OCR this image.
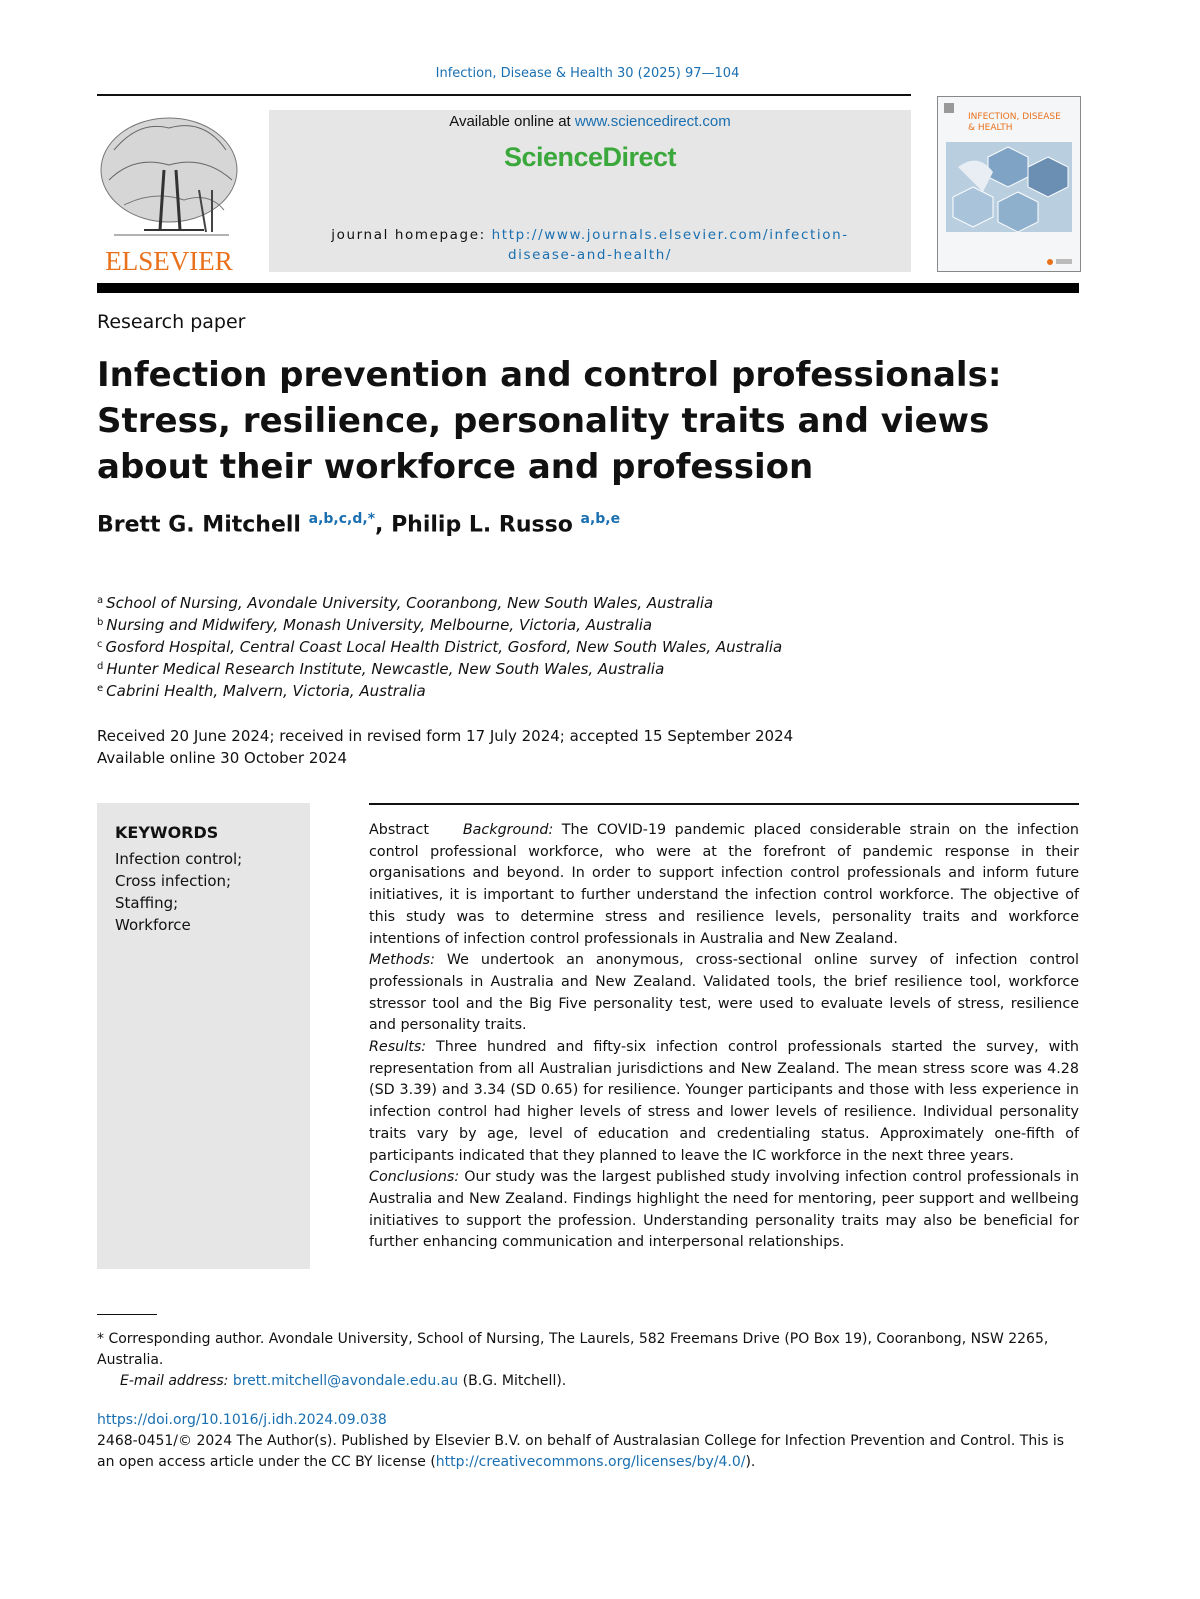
Infection, Disease & Health 30 (2025) 97—104
ELSEVIER
Available online at www.sciencedirect.com
ScienceDirect
journal homepage: http://www.journals.elsevier.com/infection-
disease-and-health/
INFECTION, DISEASE
& HEALTH
Research paper
Infection prevention and control professionals: Stress, resilience, personality traits and views about their workforce and profession
Brett G. Mitchell $^{a,b,c,d,*}$, Philip L. Russo $^{a,b,e}$
$^a$ School of Nursing, Avondale University, Cooranbong, New South Wales, Australia
$^b$ Nursing and Midwifery, Monash University, Melbourne, Victoria, Australia
$^c$ Gosford Hospital, Central Coast Local Health District, Gosford, New South Wales, Australia
$^d$ Hunter Medical Research Institute, Newcastle, New South Wales, Australia
$^e$ Cabrini Health, Malvern, Victoria, Australia
Received 20 June 2024; received in revised form 17 July 2024; accepted 15 September 2024
Available online 30 October 2024
KEYWORDS
Infection control;
Cross infection;
Staffing;
Workforce

Abstract Background: The COVID-19 pandemic placed considerable strain on the infection control professional workforce, who were at the forefront of pandemic response in their organisations and beyond. In order to support infection control professionals and inform future initiatives, it is important to further understand the infection control workforce. The objective of this study was to determine stress and resilience levels, personality traits and workforce intentions of infection control professionals in Australia and New Zealand.

Methods: We undertook an anonymous, cross-sectional online survey of infection control professionals in Australia and New Zealand. Validated tools, the brief resilience tool, workforce stressor tool and the Big Five personality test, were used to evaluate levels of stress, resilience and personality traits.

Results: Three hundred and fifty-six infection control professionals started the survey, with representation from all Australian jurisdictions and New Zealand. The mean stress score was 4.28 (SD 3.39) and 3.34 (SD 0.65) for resilience. Younger participants and those with less experience in infection control had higher levels of stress and lower levels of resilience. Individual personality traits vary by age, level of education and credentialing status. Approximately one-fifth of participants indicated that they planned to leave the IC workforce in the next three years.

Conclusions: Our study was the largest published study involving infection control professionals in Australia and New Zealand. Findings highlight the need for mentoring, peer support and wellbeing initiatives to support the profession. Understanding personality traits may also be beneficial for further enhancing communication and interpersonal relationships.

* Corresponding author. Avondale University, School of Nursing, The Laurels, 582 Freemans Drive (PO Box 19), Cooranbong, NSW 2265, Australia.

E-mail address: brett.mitchell@avondale.edu.au (B.G. Mitchell).

https://doi.org/10.1016/j.idh.2024.09.038

2468-0451/© 2024 The Author(s). Published by Elsevier B.V. on behalf of Australasian College for Infection Prevention and Control. This is an open access article under the CC BY license (http://creativecommons.org/licenses/by/4.0/).
